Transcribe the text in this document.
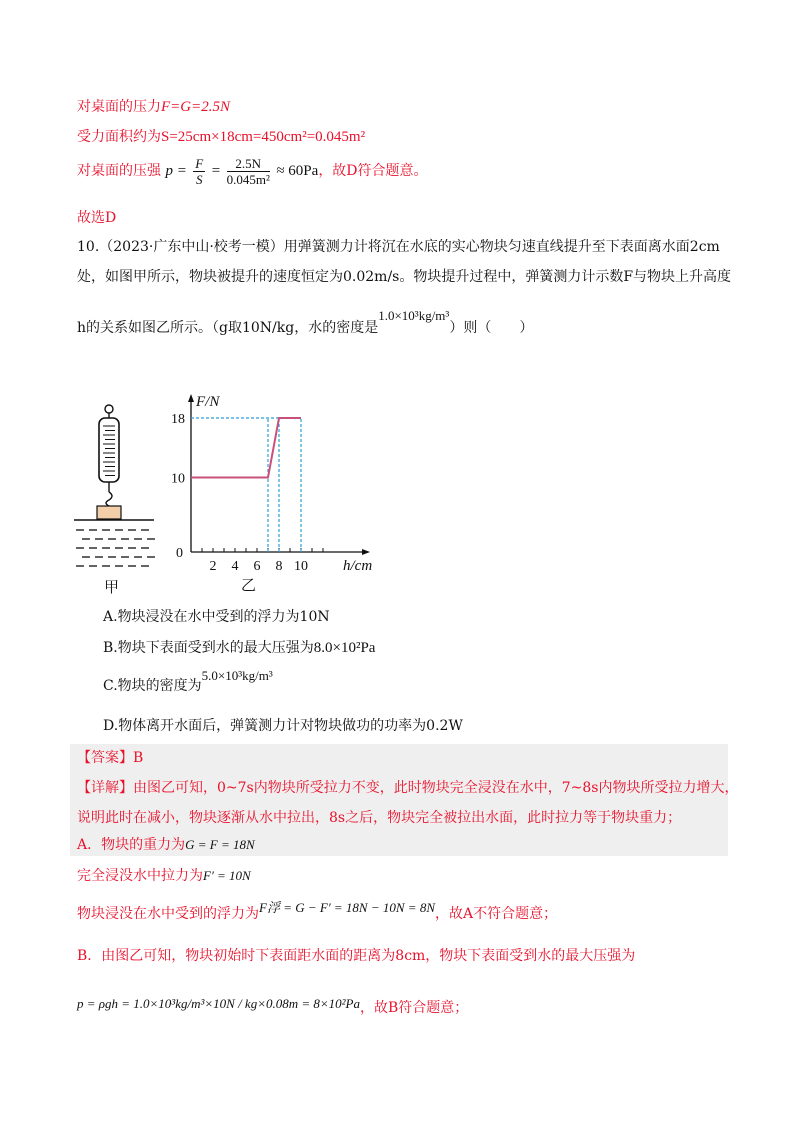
对桌面的压力F=G=2.5N
受力面积约为S=25cm×18cm=450cm²=0.045m²
对桌面的压强 $p = \frac{F}{S} = \frac{2.5N}{\text{0.045m²}} \approx 60Pa$，故D符合题意。
故选D
10.（2023·广东中山·校考一模）用弹簧测力计将沉在水底的实心物块匀速直线提升至下表面离水面2cm
处，如图甲所示，物块被提升的速度恒定为0.02m/s。物块提升过程中，弹簧测力计示数F与物块上升高度
h的关系如图乙所示。（g取10N/kg，水的密度是1.0×10³kg/m³）则（　　）
甲
2 4 6 8 10
10
18
0
F/N
h/cm
乙
A.物块浸没在水中受到的浮力为10N
B.物块下表面受到水的最大压强为8.0×10²Pa
C.物块的密度为5.0×10³kg/m³
D.物体离开水面后，弹簧测力计对物块做功的功率为0.2W
【答案】B
【详解】由图乙可知，0~7s内物块所受拉力不变，此时物块完全浸没在水中，7~8s内物块所受拉力增大，
说明此时在减小，物块逐渐从水中拉出，8s之后，物块完全被拉出水面，此时拉力等于物块重力；
A．物块的重力为G = F = 18N
完全浸没水中拉力为F′ = 10N
物块浸没在水中受到的浮力为F浮 = G − F′ = 18N − 10N = 8N，故A不符合题意；
B．由图乙可知，物块初始时下表面距水面的距离为8cm，物块下表面受到水的最大压强为
p = ρgh = 1.0×10³kg/m³×10N / kg×0.08m = 8×10²Pa，故B符合题意；
